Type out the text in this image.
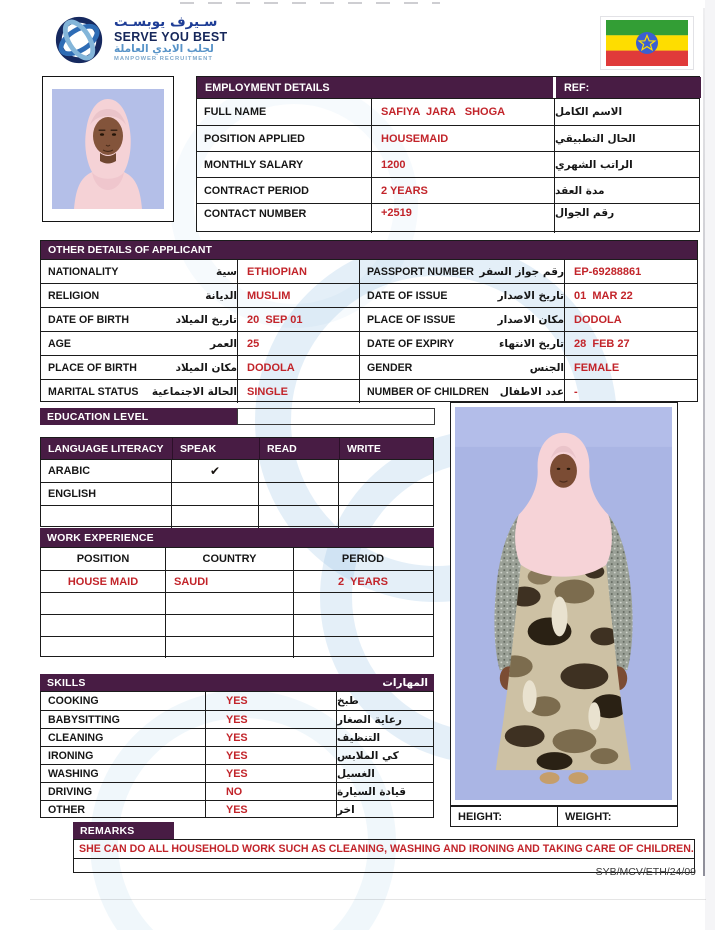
سـيرف يوبسـت
SERVE YOU BEST
لجلب الايدي العاملة
MANPOWER RECRUITMENT
EMPLOYMENT DETAILS	REF:
FULL NAME	SAFIYA  JARA   SHOGA	الاسم الكامل
POSITION APPLIED	HOUSEMAID	الحال التطبيقي
MONTHLY SALARY	1200	الراتب الشهري
CONTRACT PERIOD	2 YEARS	مدة العقد
CONTACT NUMBER	+2519	رقم الجوال
OTHER DETAILS OF APPLICANT
NATIONALITY	سية ETHIOPIAN	PASSPORT NUMBER رقم جواز السفر EP-69288861
RELIGION	الديانة MUSLIM	DATE OF ISSUE	تاريخ الاصدار 01  MAR 22
DATE OF BIRTH	تاريخ الميلاد 20  SEP 01	PLACE OF ISSUE	مكان الاصدار DODOLA
AGE	العمر 25	DATE OF EXPIRY	تاريخ الانتهاء 28  FEB 27
PLACE OF BIRTH	مكان الميلاد DODOLA	GENDER	الجنس FEMALE
MARITAL STATUS الحالة الاجتماعية SINGLE	NUMBER OF CHILDREN عدد الاطفال -
EDUCATION LEVEL
LANGUAGE LITERACY	SPEAK	READ	WRITE
ARABIC	✔
ENGLISH
WORK EXPERIENCE
POSITION	COUNTRY	PERIOD
HOUSE MAID	SAUDI	2  YEARS
SKILLS	المهارات
COOKING	YES	طبخ
BABYSITTING	YES	رعاية الصغار
CLEANING	YES	التنظيف
IRONING	YES	كي الملابس
WASHING	YES	الغسيل
DRIVING	NO	قيادة السيارة
OTHER	YES	اخر
HEIGHT:	WEIGHT:
REMARKS
SHE CAN DO ALL HOUSEHOLD WORK SUCH AS CLEANING, WASHING AND IRONING AND TAKING CARE OF CHILDREN.
SYB/MCV/ETH/24/09
